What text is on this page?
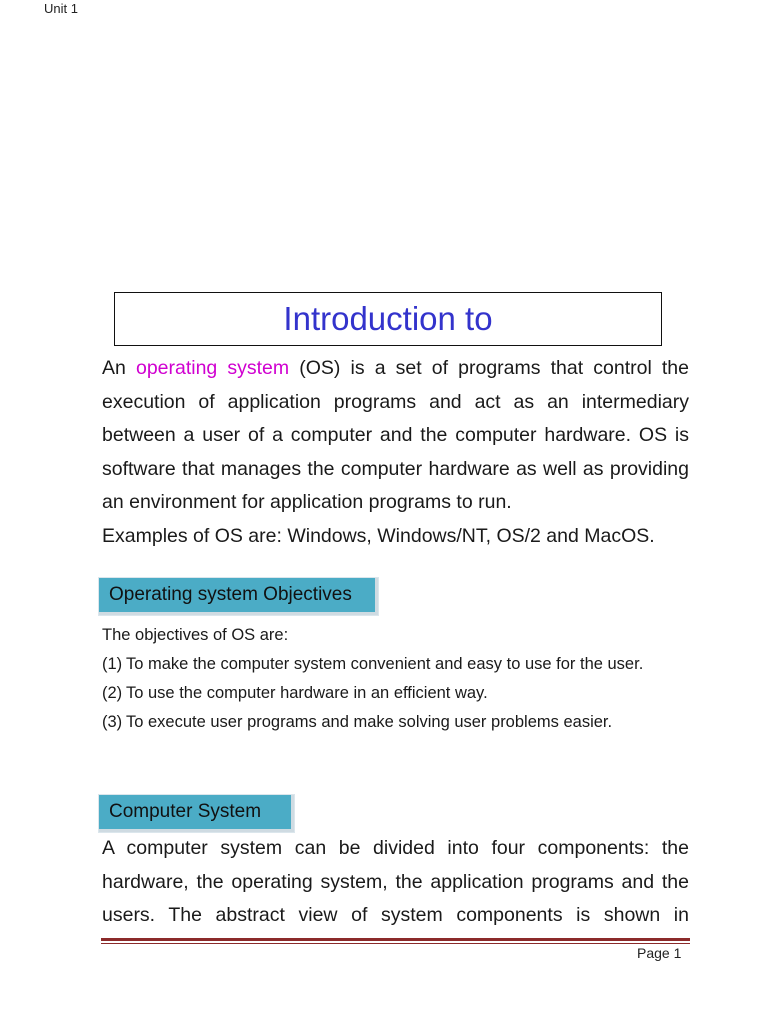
Unit 1
Introduction to

An operating system (OS) is a set of programs that control the execution of application programs and act as an intermediary between a user of a computer and the computer hardware. OS is software that manages the computer hardware as well as providing an environment for application programs to run.
Examples of OS are: Windows, Windows/NT, OS/2 and MacOS.

Operating system Objectives
The objectives of OS are:
(1) To make the computer system convenient and easy to use for the user.
(2) To use the computer hardware in an efficient way.
(3) To execute user programs and make solving user problems easier.
Computer System

A computer system can be divided into four components: the hardware, the operating system, the application programs and the users. The abstract view of system components is shown in

Page 1
